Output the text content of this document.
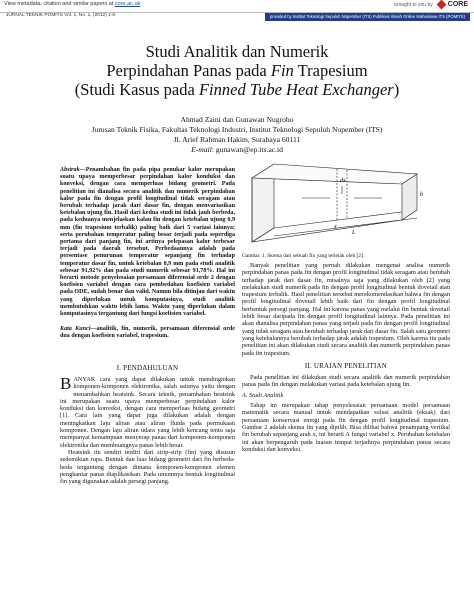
View metadata, citation and similar papers at core.ac.uk	brought to you by CORE
JURNAL TEKNIK POMITS Vol. 1, No. 1, (2012) 1-6	provided by Institut Teknologi Sepuluh Nopember (ITS) Publikasi Ilmiah Online Mahasiswa ITS (POMITS)
Studi Analitik dan Numerik
Perpindahan Panas pada Fin Trapesium
(Studi Kasus pada Finned Tube Heat Exchanger)
Ahmad Zaini dan Gunawan Nugroho
Jurusan Teknik Fisika, Fakultas Teknologi Industri, Institut Teknologi Sepuluh Nopember (ITS)
Jl. Arief Rahman Hakim, Surabaya 60111
E-mail: gunawan@ep.its.ac.id
Abstrak—Penambahan fin pada pipa penukar kalor merupakan suatu upaya memperbesar perpindahan kalor konduksi dan konveksi, dengan cara memperluas bidang geometri. Pada penelitian ini dianalisa secara analitik dan numerik perpindahan kalor pada fin dengan profil longitudinal tidak seragam atau berubah terhadap jarak dari dasar fin, dengan menvariasikan ketebalan ujung fin. Hasil dari kedua studi ini tidak jauh berbeda, pada keduanya menjelaskan kalau fin dengan ketebalan ujung 0,9 mm (fin trapesium terbalik) paling baik dari 5 variasi lainnya; serta perubahan temperatur paling besar terjadi pada seperdiga pertama dari panjang fin, ini artinya pelepasan kalor terbesar terjadi pada daerah tersebut. Perbedaannya adalah pada persentase penurunan temperatur sepanjang fin terhadap temperatur dasar fin, untuk ketebalan 0,9 mm pada studi analitik sebesar 91,92% dan pada studi numerik sebesar 91,78%. Hal ini berarti metode penyelesaian persamaan diferensial orde 2 dengan koefisien variabel dengan cara pembedahan koefisien variabel pada ODE, sudah benar dan valid. Namun bila ditinjau dari waktu yang diperlukan untuk komputasinya, studi analitik membutuhkan waktu lebih lama. Waktu yang diperlukan dalam komputasinya tergantung dari fungsi koefisien variabel.
Kata Kunci—analitik, fin, numerik, persamaan diferensial orde dua dengan koefisien variabel, trapesium.
I. PENDAHULUAN
B ANYAK cara yang dapat dilakukan untuk mendinginkan komponen-komponen elektronika, salah satunya yaitu dengan menambahkan heatsink. Secara teknik, penambahan heatsink ini merupakan suatu upaya memperbesar perpindahan kalor konduksi dan konveksi, dengan cara memperluas bidang geometri [1]. Cara lain yang dapat juga dilakukan adalah dengan meningkatkan laju aliran atau aliran fluida pada permukaan komponen. Dengan laju aliran udara yang lebih kencang tentu saja mempunyai kemampuan menyerap panas dari komponen-komponen elektronika dan membuangnya panas lebih besar.

Heatsink itu sendiri terdiri dari sirip-sirip (fin) yang disusun sedemikian rupa. Bentuk dan luas bidang geometri dari fin berbeda-beda tergantung dengan dimana komponen-komponen elemen penghantar panas diaplikasikan. Pada umumnya bentuk longitudinal fin yang digunakan adalah persegi panjang.

x
dx
L
b
Gambar. 1. Skema dari sebuah fin yang terletak oleh [2].

Banyak penelitian yang pernah dilakukan mengenai analisa numerik perpindahan panas pada fin dengan profil longitudinal tidak seragam atau berubah terhadap jarak dari dasar fin, misalnya saja yang dilakukan oleh [2] yang melakukan studi numerik pada fin dengan profil longitudinal bentuk dovetail atau trapesium terbalik. Hasil penelitian tersebut merekomendasikan bahwa fin dengan profil longitudinal dovetail lebih baik dari fin dengan profil longitudinal berbentuk persegi panjang. Hal ini karena panas yang melalui fin bentuk dovetail lebih besar daripada fin dengan profil longitudinal lainnya. Pada penelitian ini akan dianalisa perpindahan panas yang terjadi pada fin dengan profil longitudinal yang tidak seragam atau berubah terhadap jarak dari dasar fin. Salah satu geometri yang ketebalannya berubah terhadap jarak adalah trapesium. Oleh karena itu pada penelitian ini akan dilakukan studi secara analitik dan numerik perpindahan panas pada fin trapesium.

II. URAIAN PENELITIAN

Pada penelitian ini dilakukan studi secara analitik dan numerik perpindahan panas pada fin dengan melakukan variasi pada ketebalan ujung fin.

A. Studi Analitik

Tahap ini merupakan tahap penyelesaian persamaan model persamaan matematik secara manual untuk mendapatkan solusi analitik (eksak) dari persamaan konservasi energi pada fin dengan profil longitudinal trapesium. Gambar 2 adalah skema fin yang dipilih. Bisa dilihat bahwa penampang vertikal fin berubah sepanjang arah x, ini berarti A fungsi variabel x. Perubahan ketebalan ini akan berpengaruh pada luasan tempat terjadinya perpindahan panas secara konduksi dan konveksi.
